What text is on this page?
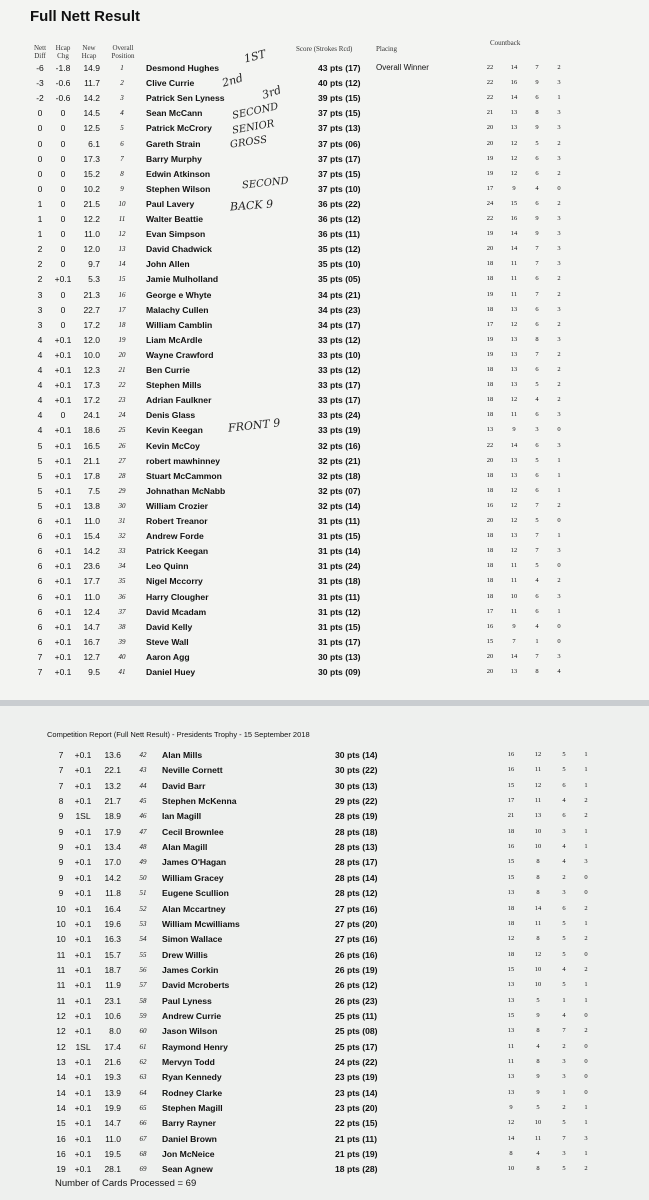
Full Nett Result
Nett
Diff
Hcap
Chg
New
Hcap
Overall
Position
Score (Strokes Rcd)	Placing
Countback
-6	-1.8	14.9	1	Desmond Hughes	43 pts (17) Overall Winner	22	14	7	2
-3	-0.6	11.7	2	Clive Currie	40 pts (12)	22	16	9	3
-2	-0.6	14.2	3	Patrick Sen Lyness	39 pts (15)	22	14	6	1
0	0	14.5	4	Sean McCann	37 pts (15)	21	13	8	3
0	0	12.5	5	Patrick McCrory	37 pts (13)	20	13	9	3
0	0	6.1	6	Gareth Strain	37 pts (06)	20	12	5	2
0	0	17.3	7	Barry Murphy	37 pts (17)	19	12	6	3
0	0	15.2	8	Edwin Atkinson	37 pts (15)	19	12	6	2
0	0	10.2	9	Stephen Wilson	37 pts (10)	17	9	4	0
1	0	21.5	10	Paul Lavery	36 pts (22)	24	15	6	2
1	0	12.2	11	Walter Beattie	36 pts (12)	22	16	9	3
1	0	11.0	12	Evan Simpson	36 pts (11)	19	14	9	3
2	0	12.0	13	David Chadwick	35 pts (12)	20	14	7	3
2	0	9.7	14	John Allen	35 pts (10)	18	11	7	3
2	+0.1	5.3	15	Jamie Mulholland	35 pts (05)	18	11	6	2
3	0	21.3	16	George e Whyte	34 pts (21)	19	11	7	2
3	0	22.7	17	Malachy Cullen	34 pts (23)	18	13	6	3
3	0	17.2	18	William Camblin	34 pts (17)	17	12	6	2
4	+0.1	12.0	19	Liam McArdle	33 pts (12)	19	13	8	3
4	+0.1	10.0	20	Wayne Crawford	33 pts (10)	19	13	7	2
4	+0.1	12.3	21	Ben Currie	33 pts (12)	18	13	6	2
4	+0.1	17.3	22	Stephen Mills	33 pts (17)	18	13	5	2
4	+0.1	17.2	23	Adrian Faulkner	33 pts (17)	18	12	4	2
4	0	24.1	24	Denis Glass	33 pts (24)	18	11	6	3
4	+0.1	18.6	25	Kevin Keegan	33 pts (19)	13	9	3	0
5	+0.1	16.5	26	Kevin McCoy	32 pts (16)	22	14	6	3
5	+0.1	21.1	27	robert mawhinney	32 pts (21)	20	13	5	1
5	+0.1	17.8	28	Stuart McCammon	32 pts (18)	18	13	6	1
5	+0.1	7.5	29	Johnathan McNabb	32 pts (07)	18	12	6	1
5	+0.1	13.8	30	William Crozier	32 pts (14)	16	12	7	2
6	+0.1	11.0	31	Robert Treanor	31 pts (11)	20	12	5	0
6	+0.1	15.4	32	Andrew Forde	31 pts (15)	18	13	7	1
6	+0.1	14.2	33	Patrick Keegan	31 pts (14)	18	12	7	3
6	+0.1	23.6	34	Leo Quinn	31 pts (24)	18	11	5	0
6	+0.1	17.7	35	Nigel Mccorry	31 pts (18)	18	11	4	2
6	+0.1	11.0	36	Harry Clougher	31 pts (11)	18	10	6	3
6	+0.1	12.4	37	David Mcadam	31 pts (12)	17	11	6	1
6	+0.1	14.7	38	David Kelly	31 pts (15)	16	9	4	0
6	+0.1	16.7	39	Steve Wall	31 pts (17)	15	7	1	0
7	+0.1	12.7	40	Aaron Agg	30 pts (13)	20	14	7	3
7	+0.1	9.5	41	Daniel Huey	30 pts (09)	20	13	8	4
1ST
2nd
3rd
SECOND
SENIOR
GROSS
SECOND
BACK 9
FRONT 9
Competition Report (Full Nett Result) - Presidents Trophy - 15 September 2018
7	+0.1	13.6	42	Alan Mills	30 pts (14)	16	12	5	1
7	+0.1	22.1	43	Neville Cornett	30 pts (22)	16	11	5	1
7	+0.1	13.2	44	David Barr	30 pts (13)	15	12	6	1
8	+0.1	21.7	45	Stephen McKenna	29 pts (22)	17	11	4	2
9	1SL	18.9	46	Ian Magill	28 pts (19)	21	13	6	2
9	+0.1	17.9	47	Cecil Brownlee	28 pts (18)	18	10	3	1
9	+0.1	13.4	48	Alan Magill	28 pts (13)	16	10	4	1
9	+0.1	17.0	49	James O'Hagan	28 pts (17)	15	8	4	3
9	+0.1	14.2	50	William Gracey	28 pts (14)	15	8	2	0
9	+0.1	11.8	51	Eugene Scullion	28 pts (12)	13	8	3	0
10	+0.1	16.4	52	Alan Mccartney	27 pts (16)	18	14	6	2
10	+0.1	19.6	53	William Mcwilliams	27 pts (20)	18	11	5	1
10	+0.1	16.3	54	Simon Wallace	27 pts (16)	12	8	5	2
11	+0.1	15.7	55	Drew Willis	26 pts (16)	18	12	5	0
11	+0.1	18.7	56	James Corkin	26 pts (19)	15	10	4	2
11	+0.1	11.9	57	David Mcroberts	26 pts (12)	13	10	5	1
11	+0.1	23.1	58	Paul Lyness	26 pts (23)	13	5	1	1
12	+0.1	10.6	59	Andrew Currie	25 pts (11)	15	9	4	0
12	+0.1	8.0	60	Jason Wilson	25 pts (08)	13	8	7	2
12	1SL	17.4	61	Raymond Henry	25 pts (17)	11	4	2	0
13	+0.1	21.6	62	Mervyn Todd	24 pts (22)	11	8	3	0
14	+0.1	19.3	63	Ryan Kennedy	23 pts (19)	13	9	3	0
14	+0.1	13.9	64	Rodney Clarke	23 pts (14)	13	9	1	0
14	+0.1	19.9	65	Stephen Magill	23 pts (20)	9	5	2	1
15	+0.1	14.7	66	Barry Rayner	22 pts (15)	12	10	5	1
16	+0.1	11.0	67	Daniel Brown	21 pts (11)	14	11	7	3
16	+0.1	19.5	68	Jon McNeice	21 pts (19)	8	4	3	1
19	+0.1	28.1	69	Sean Agnew	18 pts (28)	10	8	5	2
Number of Cards Processed = 69
